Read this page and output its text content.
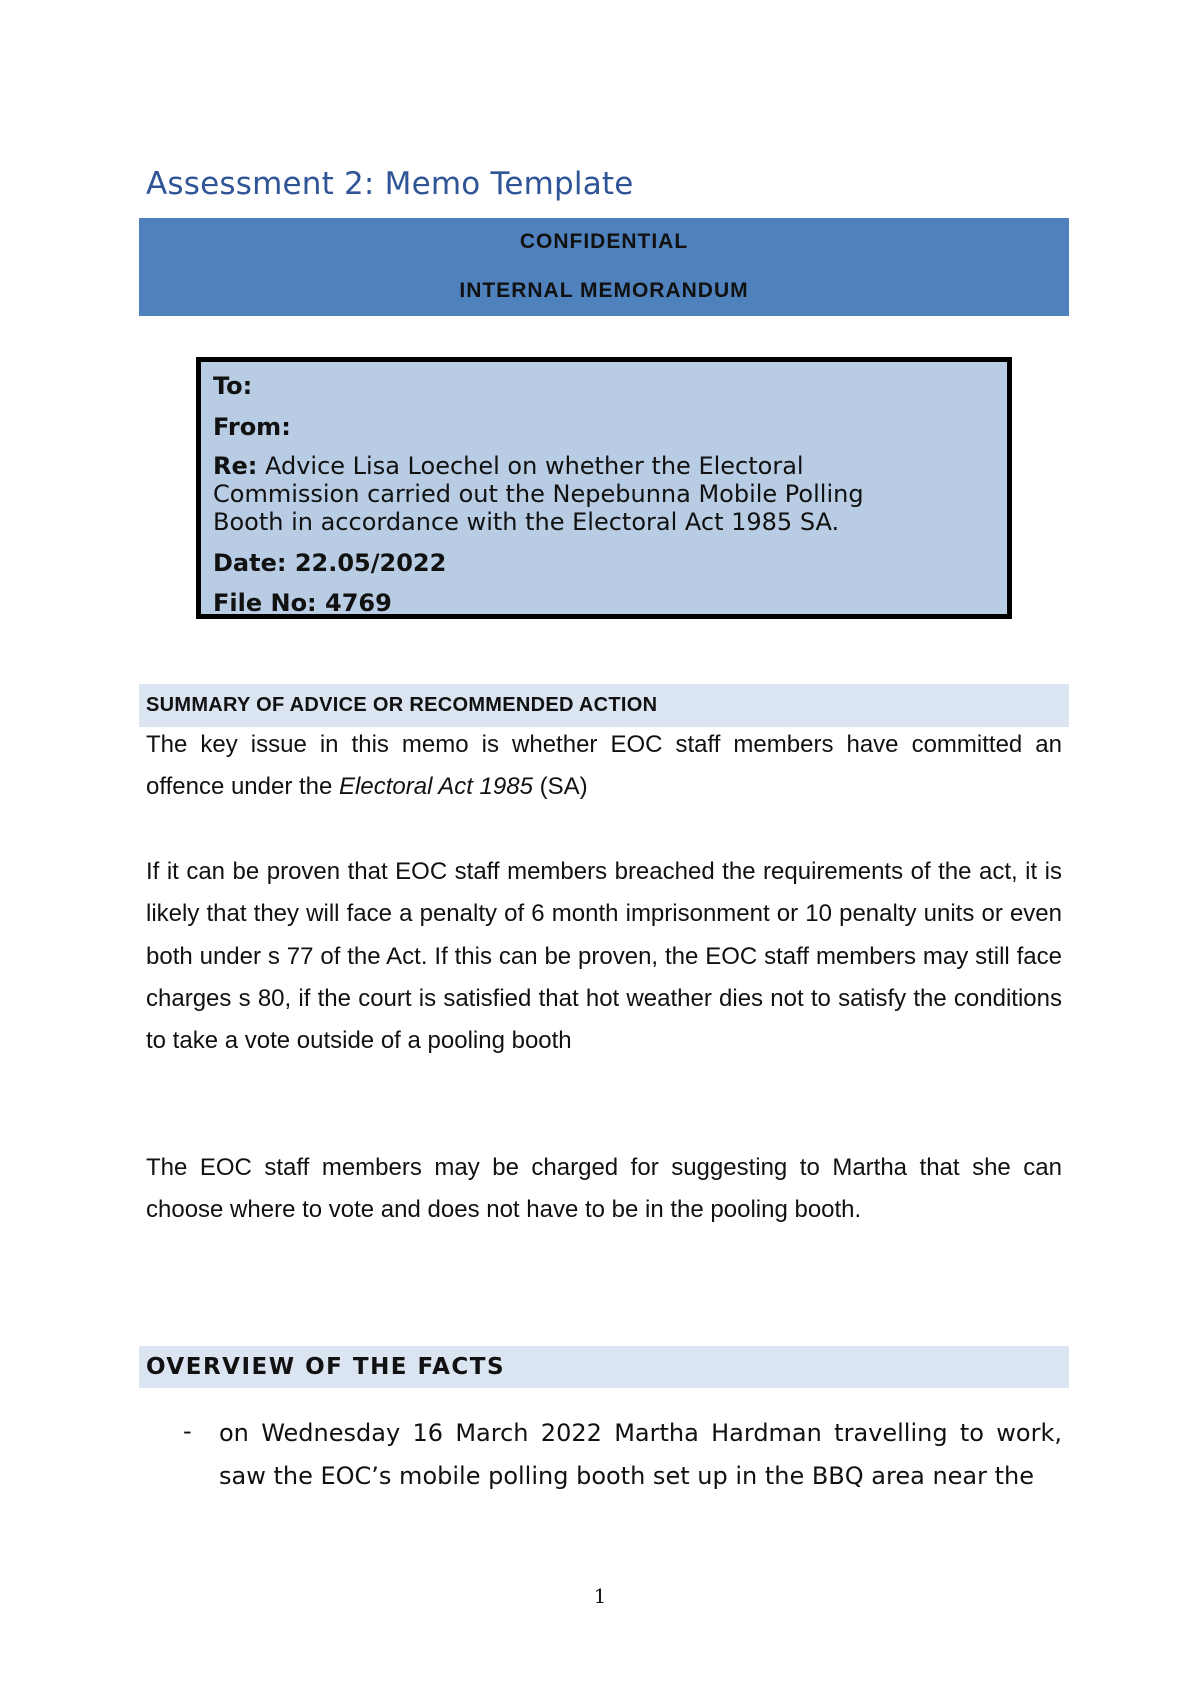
Assessment 2: Memo Template
CONFIDENTIAL
INTERNAL MEMORANDUM
To:
From:
Re: Advice Lisa Loechel on whether the Electoral
Commission carried out the Nepebunna Mobile Polling
Booth in accordance with the Electoral Act 1985 SA.
Date: 22.05/2022
File No: 4769
SUMMARY OF ADVICE OR RECOMMENDED ACTION
The key issue in this memo is whether EOC staff members have committed an offence under the Electoral Act 1985 (SA)
If it can be proven that EOC staff members breached the requirements of the act, it is likely that they will face a penalty of 6 month imprisonment or 10 penalty units or even both under s 77 of the Act. If this can be proven, the EOC staff members may still face charges s 80, if the court is satisfied that hot weather dies not to satisfy the conditions to take a vote outside of a pooling booth
The EOC staff members may be charged for suggesting to Martha that she can choose where to vote and does not have to be in the pooling booth.
OVERVIEW OF THE FACTS
- on Wednesday 16 March 2022 Martha Hardman travelling to work, saw the EOC’s mobile polling booth set up in the BBQ area near the
1
